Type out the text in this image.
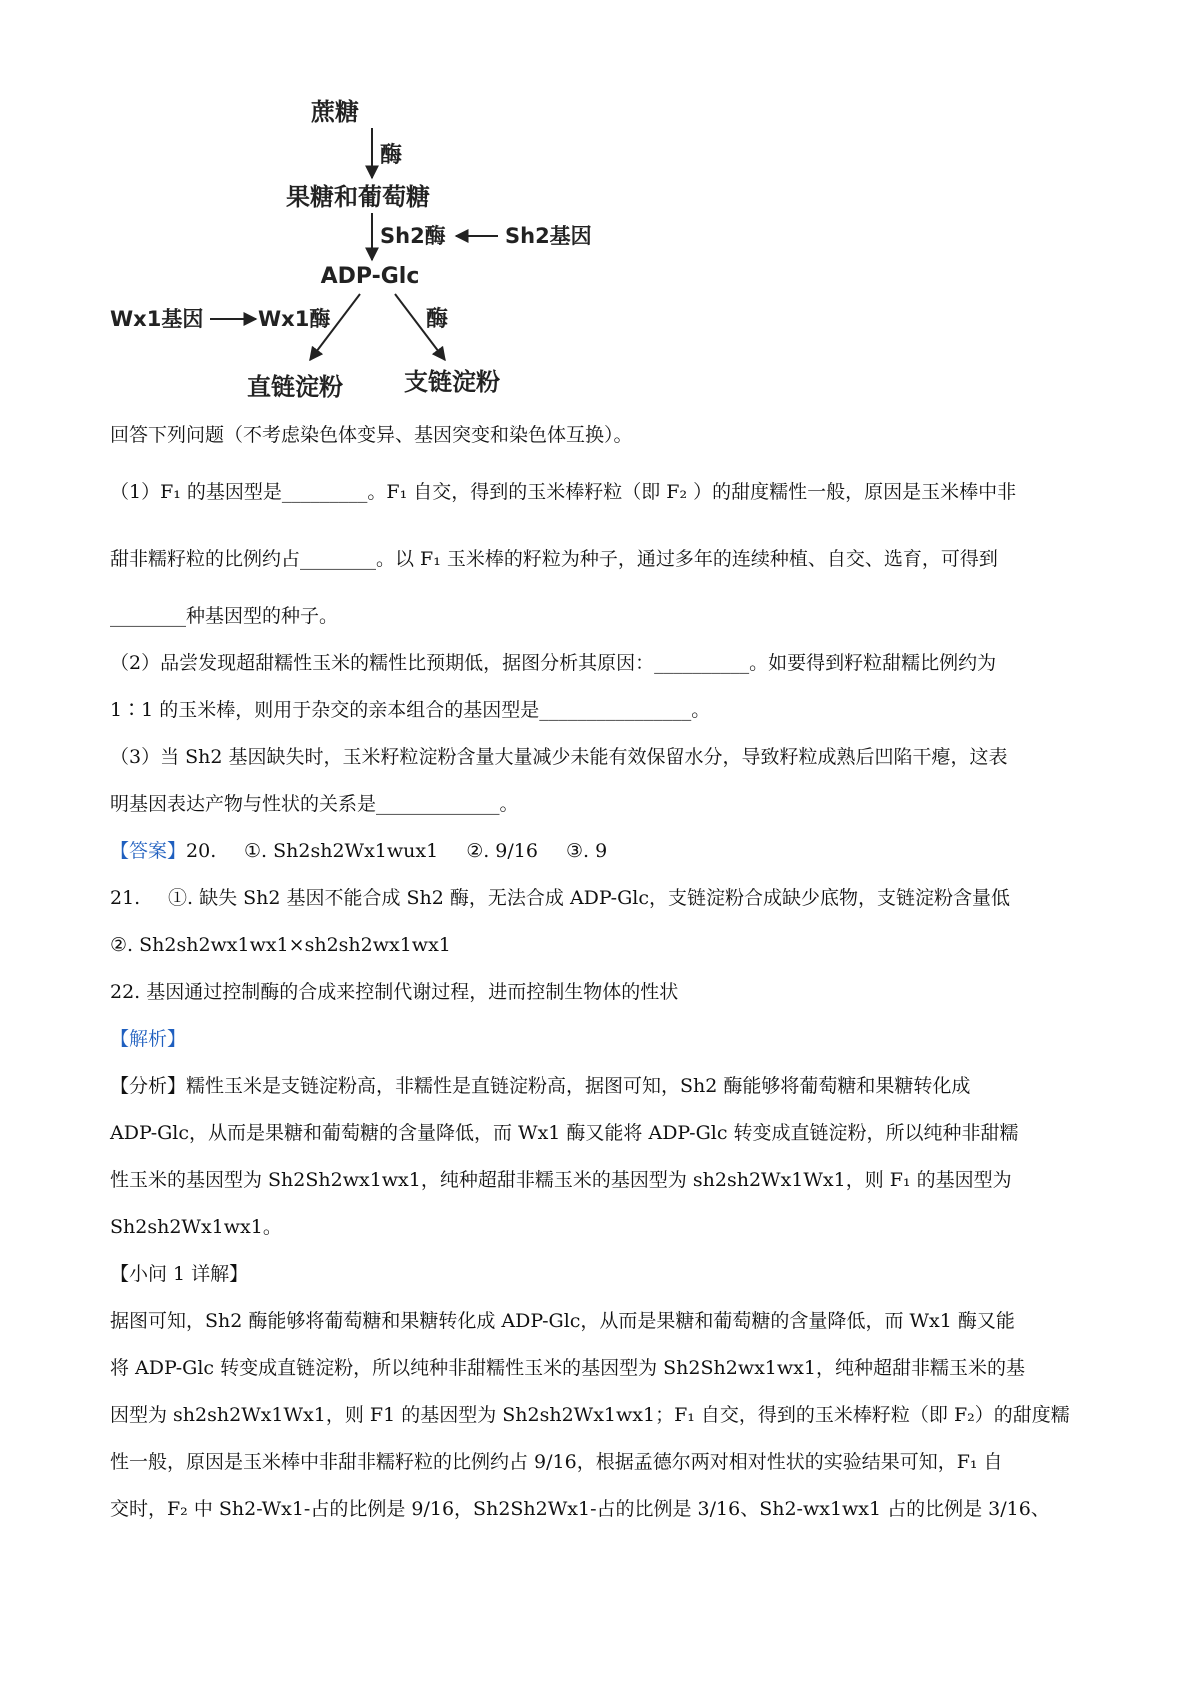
蔗糖
酶
果糖和葡萄糖
Sh2酶	Sh2基因
ADP-Glc
Wx1基因	Wx1酶	酶
直链淀粉	支链淀粉
回答下列问题（不考虑染色体变异、基因突变和染色体互换）。
（1）F₁ 的基因型是_________。F₁ 自交，得到的玉米棒籽粒（即 F₂ ）的甜度糯性一般，原因是玉米棒中非
甜非糯籽粒的比例约占________。以 F₁ 玉米棒的籽粒为种子，通过多年的连续种植、自交、选育，可得到
________种基因型的种子。
（2）品尝发现超甜糯性玉米的糯性比预期低，据图分析其原因：__________。如要得到籽粒甜糯比例约为
1∶1 的玉米棒，则用于杂交的亲本组合的基因型是________________。
（3）当 Sh2 基因缺失时，玉米籽粒淀粉含量大量减少未能有效保留水分，导致籽粒成熟后凹陷干瘪，这表
明基因表达产物与性状的关系是_____________。
【答案】20. ①. Sh2sh2Wx1wux1 ②. 9/16 ③. 9
21. ①. 缺失 Sh2 基因不能合成 Sh2 酶，无法合成 ADP-Glc，支链淀粉合成缺少底物，支链淀粉含量低
②. Sh2sh2wx1wx1×sh2sh2wx1wx1
22. 基因通过控制酶的合成来控制代谢过程，进而控制生物体的性状
【解析】
【分析】糯性玉米是支链淀粉高，非糯性是直链淀粉高，据图可知，Sh2 酶能够将葡萄糖和果糖转化成
ADP-Glc，从而是果糖和葡萄糖的含量降低，而 Wx1 酶又能将 ADP-Glc 转变成直链淀粉，所以纯种非甜糯
性玉米的基因型为 Sh2Sh2wx1wx1，纯种超甜非糯玉米的基因型为 sh2sh2Wx1Wx1，则 F₁ 的基因型为
Sh2sh2Wx1wx1。
【小问 1 详解】
据图可知，Sh2 酶能够将葡萄糖和果糖转化成 ADP-Glc，从而是果糖和葡萄糖的含量降低，而 Wx1 酶又能
将 ADP-Glc 转变成直链淀粉，所以纯种非甜糯性玉米的基因型为 Sh2Sh2wx1wx1，纯种超甜非糯玉米的基
因型为 sh2sh2Wx1Wx1，则 F1 的基因型为 Sh2sh2Wx1wx1；F₁ 自交，得到的玉米棒籽粒（即 F₂）的甜度糯
性一般，原因是玉米棒中非甜非糯籽粒的比例约占 9/16，根据孟德尔两对相对性状的实验结果可知，F₁ 自
交时，F₂ 中 Sh2-Wx1-占的比例是 9/16，Sh2Sh2Wx1-占的比例是 3/16、Sh2-wx1wx1 占的比例是 3/16、
